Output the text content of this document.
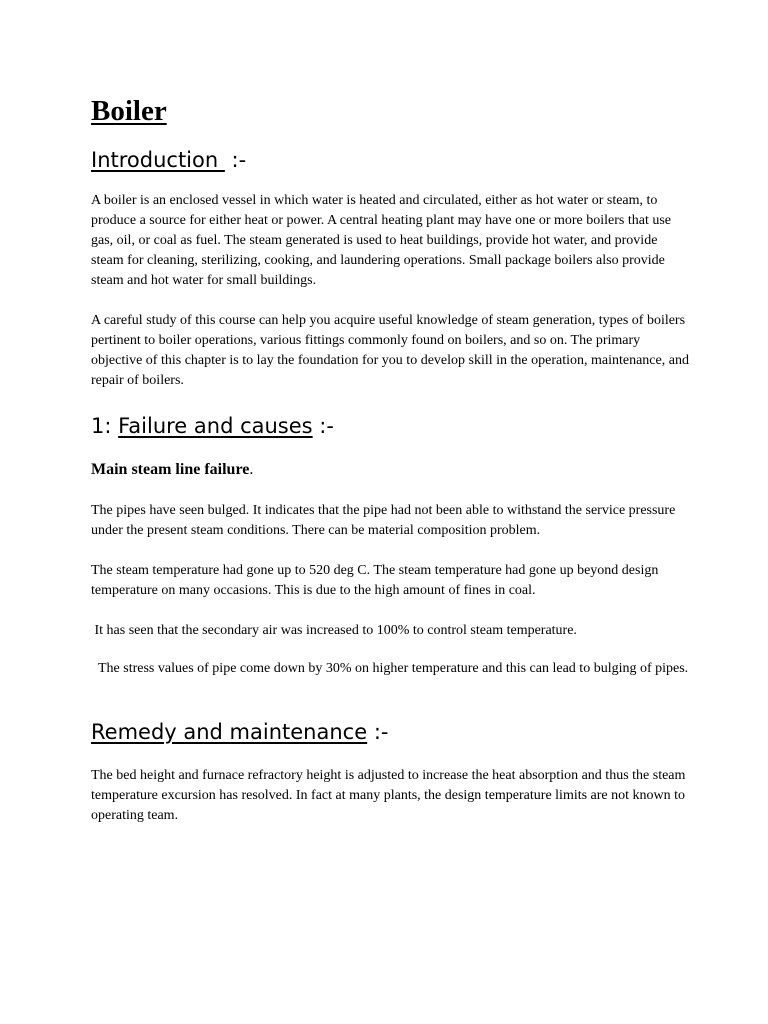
Boiler
Introduction  :-

A boiler is an enclosed vessel in which water is heated and circulated, either as hot water or steam, to produce a source for either heat or power. A central heating plant may have one or more boilers that use gas, oil, or coal as fuel. The steam generated is used to heat buildings, provide hot water, and provide steam for cleaning, sterilizing, cooking, and laundering operations. Small package boilers also provide steam and hot water for small buildings.

A careful study of this course can help you acquire useful knowledge of steam generation, types of boilers pertinent to boiler operations, various fittings commonly found on boilers, and so on. The primary objective of this chapter is to lay the foundation for you to develop skill in the operation, maintenance, and repair of boilers.

1: Failure and causes :-

Main steam line failure.

The pipes have seen bulged. It indicates that the pipe had not been able to withstand the service pressure under the present steam conditions. There can be material composition problem.

The steam temperature had gone up to 520 deg C. The steam temperature had gone up beyond design temperature on many occasions. This is due to the high amount of fines in coal.

It has seen that the secondary air was increased to 100% to control steam temperature.

The stress values of pipe come down by 30% on higher temperature and this can lead to bulging of pipes.

Remedy and maintenance :-

The bed height and furnace refractory height is adjusted to increase the heat absorption and thus the steam temperature excursion has resolved. In fact at many plants, the design temperature limits are not known to operating team.
